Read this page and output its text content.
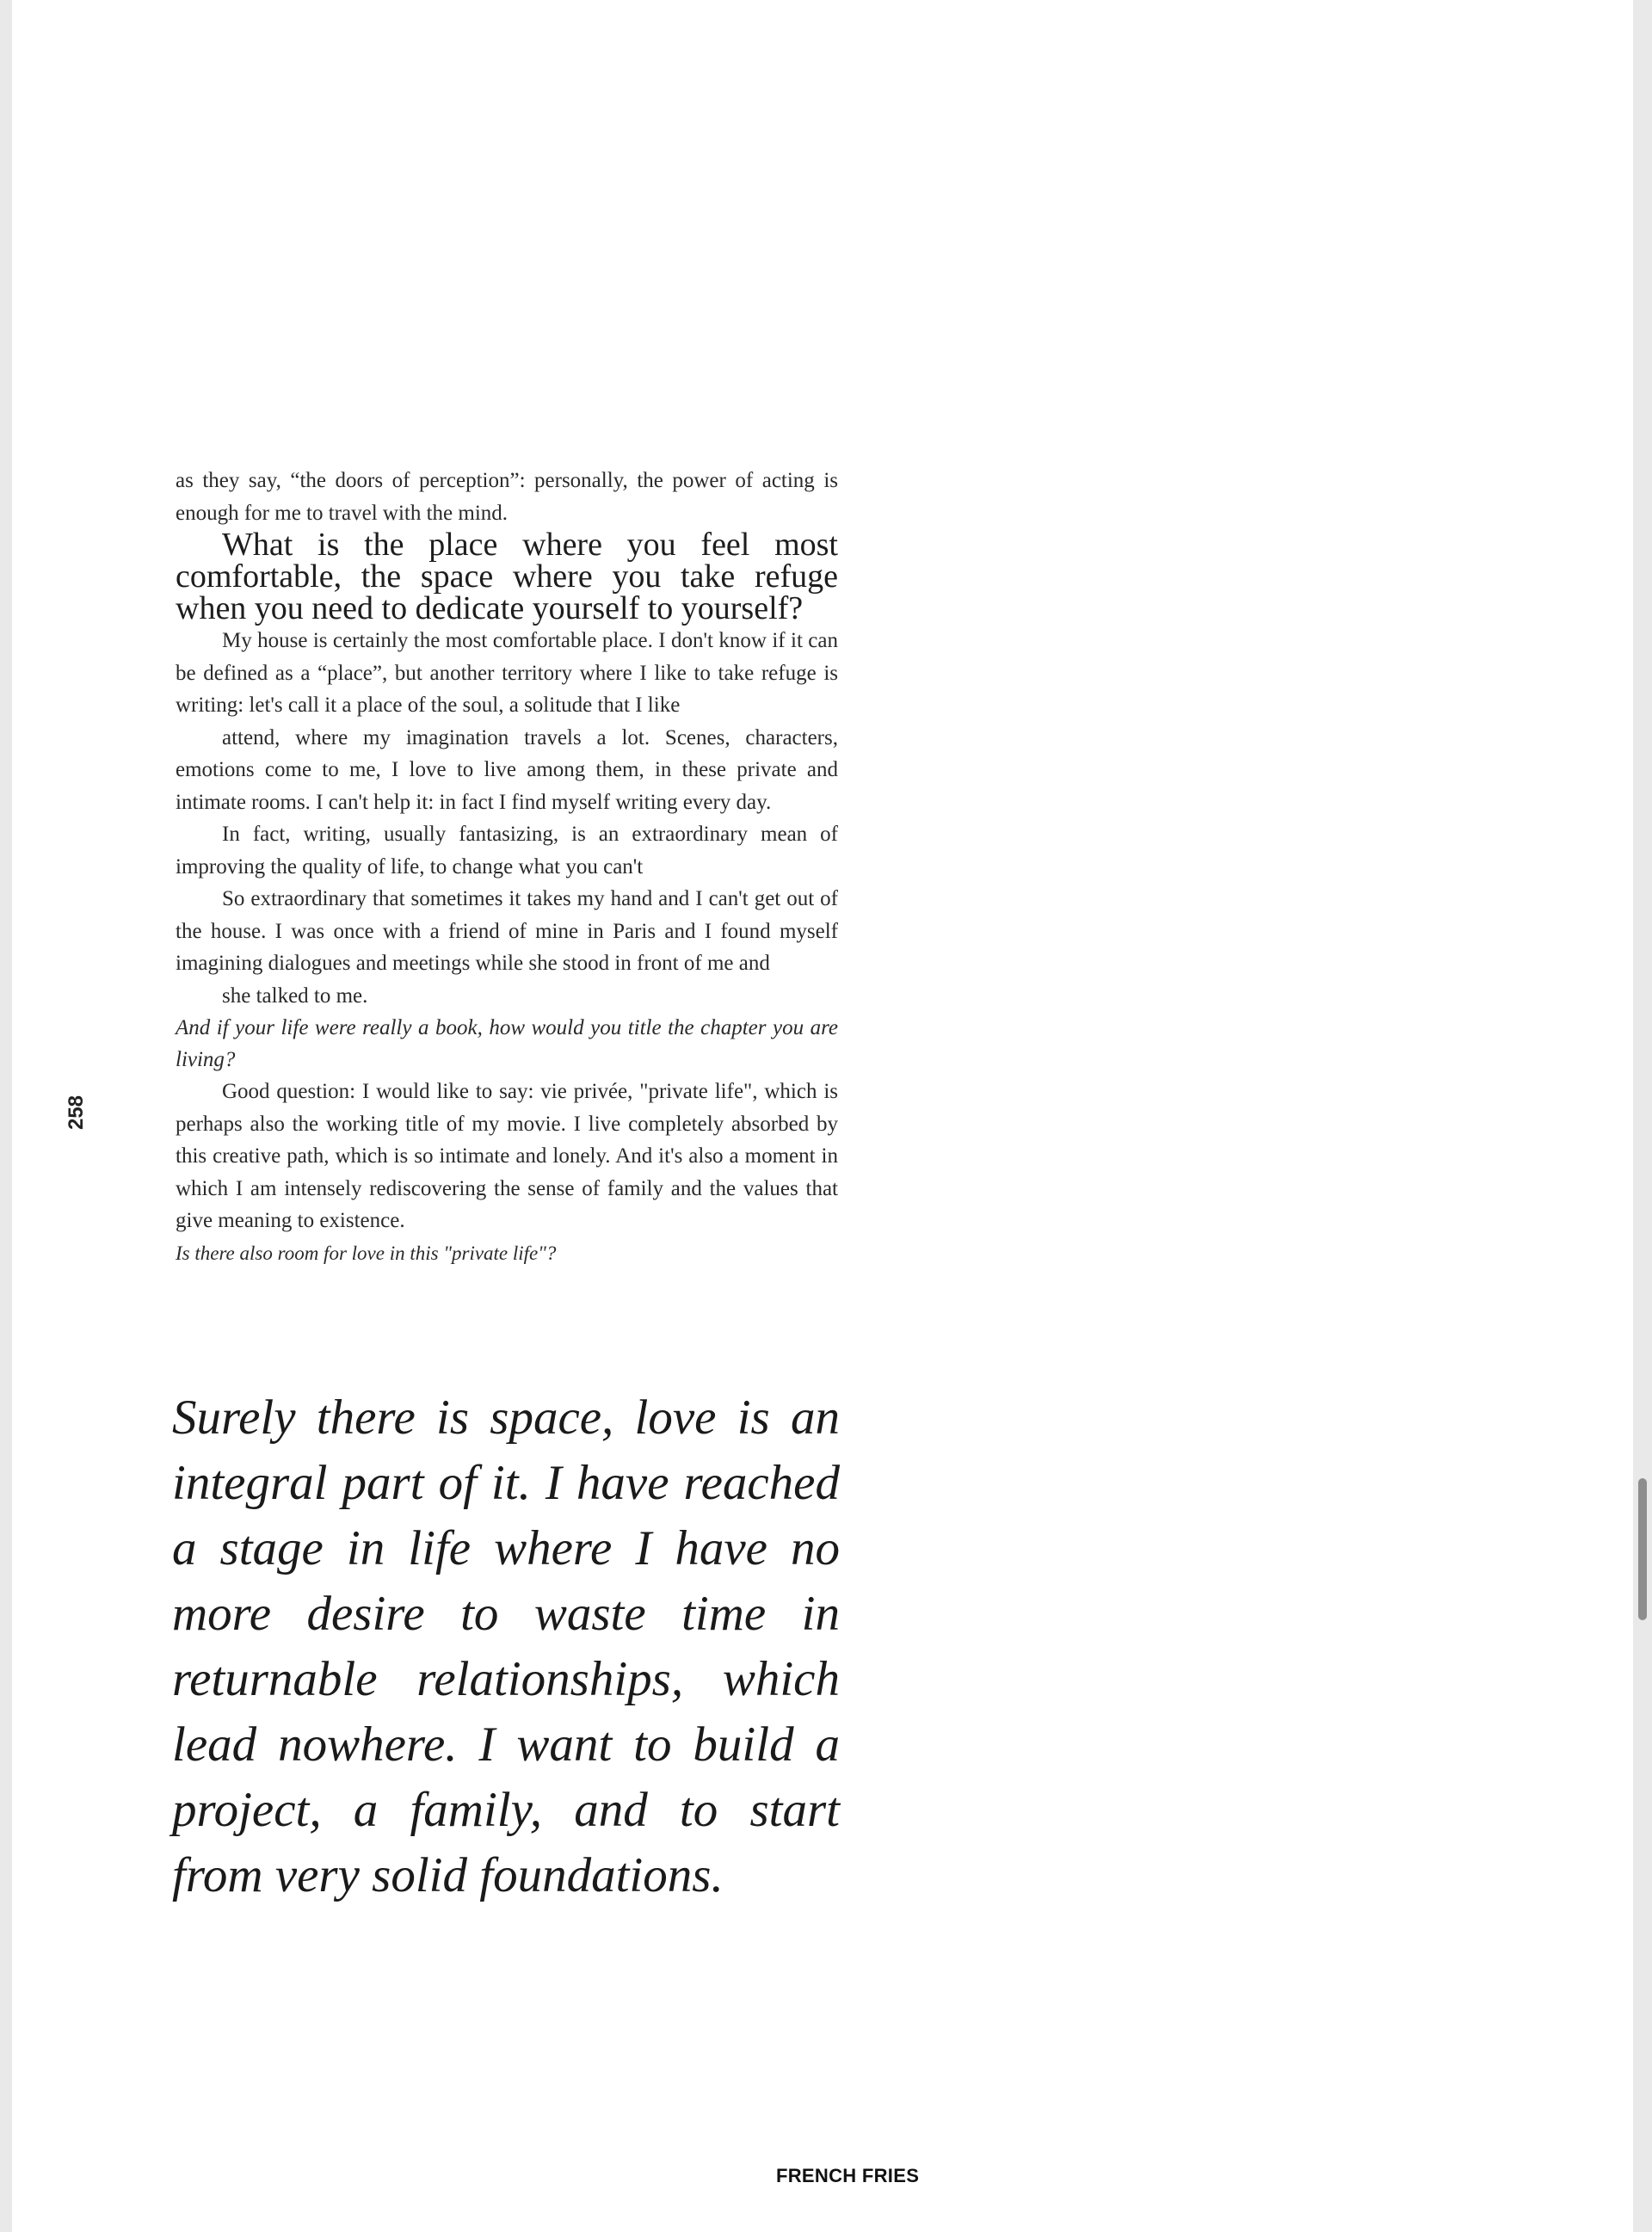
258

as they say, “the doors of perception”: personally, the power of acting is enough for me to travel with the mind.

What is the place where you feel most comfortable, the space where you take refuge when you need to dedicate yourself to yourself?

My house is certainly the most comfortable place. I don't know if it can be defined as a “place”, but another territory where I like to take refuge is writing: let's call it a place of the soul, a solitude that I like

attend, where my imagination travels a lot. Scenes, characters, emotions come to me, I love to live among them, in these private and intimate rooms. I can't help it: in fact I find myself writing every day.

In fact, writing, usually fantasizing, is an extraordinary mean of improving the quality of life, to change what you can't

So extraordinary that sometimes it takes my hand and I can't get out of the house. I was once with a friend of mine in Paris and I found myself imagining dialogues and meetings while she stood in front of me and

she talked to me.

And if your life were really a book, how would you title the chapter you are living?

Good question: I would like to say: vie privée, "private life", which is perhaps also the working title of my movie. I live completely absorbed by this creative path, which is so intimate and lonely. And it's also a moment in which I am intensely rediscovering the sense of family and the values that give meaning to existence.

Is there also room for love in this "private life"?

Surely there is space, love is an integral part of it. I have reached a stage in life where I have no more desire to waste time in returnable relationships, which lead nowhere. I want to build a project, a family, and to start from very solid foundations.

FRENCH FRIES
